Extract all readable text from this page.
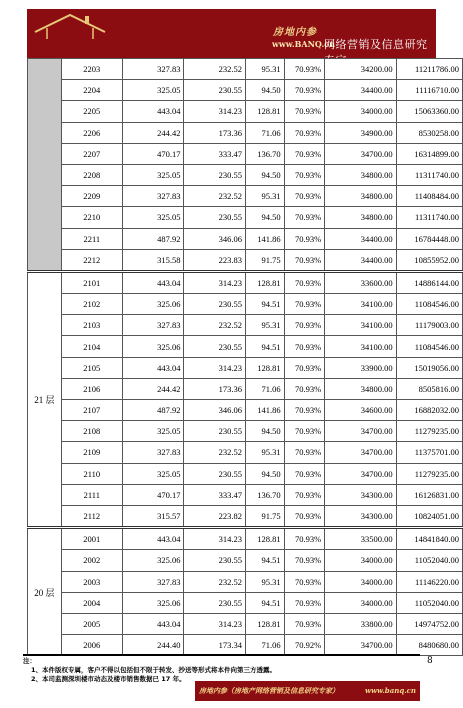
房地内参
www.BANQ.cn
网络营销及信息研究专家
	2203	327.83	232.52	95.31	70.93%	34200.00	11211786.00
	2204	325.05	230.55	94.50	70.93%	34400.00	11116710.00
	2205	443.04	314.23	128.81	70.93%	34000.00	15063360.00
	2206	244.42	173.36	71.06	70.93%	34900.00	8530258.00
	2207	470.17	333.47	136.70	70.93%	34700.00	16314899.00
	2208	325.05	230.55	94.50	70.93%	34800.00	11311740.00
	2209	327.83	232.52	95.31	70.93%	34800.00	11408484.00
	2210	325.05	230.55	94.50	70.93%	34800.00	11311740.00
	2211	487.92	346.06	141.86	70.93%	34400.00	16784448.00
	2212	315.58	223.83	91.75	70.93%	34400.00	10855952.00
21 层	2101	443.04	314.23	128.81	70.93%	33600.00	14886144.00
	2102	325.06	230.55	94.51	70.93%	34100.00	11084546.00
	2103	327.83	232.52	95.31	70.93%	34100.00	11179003.00
	2104	325.06	230.55	94.51	70.93%	34100.00	11084546.00
	2105	443.04	314.23	128.81	70.93%	33900.00	15019056.00
	2106	244.42	173.36	71.06	70.93%	34800.00	8505816.00
	2107	487.92	346.06	141.86	70.93%	34600.00	16882032.00
	2108	325.05	230.55	94.50	70.93%	34700.00	11279235.00
	2109	327.83	232.52	95.31	70.93%	34700.00	11375701.00
	2110	325.05	230.55	94.50	70.93%	34700.00	11279235.00
	2111	470.17	333.47	136.70	70.93%	34300.00	16126831.00
	2112	315.57	223.82	91.75	70.93%	34300.00	10824051.00
20 层	2001	443.04	314.23	128.81	70.93%	33500.00	14841840.00
	2002	325.06	230.55	94.51	70.93%	34000.00	11052040.00
	2003	327.83	232.52	95.31	70.93%	34000.00	11146220.00
	2004	325.06	230.55	94.51	70.93%	34000.00	11052040.00
	2005	443.04	314.23	128.81	70.93%	33800.00	14974752.00
	2006	244.40	173.34	71.06	70.92%	34700.00	8480680.00
注：
1、本件版权专属，客户不得以包括但不限于转发、抄送等形式将本件向第三方透露。
2、本司监测深圳楼市动态及楼市销售数据已 17 年。
8
房地内参（房地产网络营销及信息研究专家）	www.banq.cn
